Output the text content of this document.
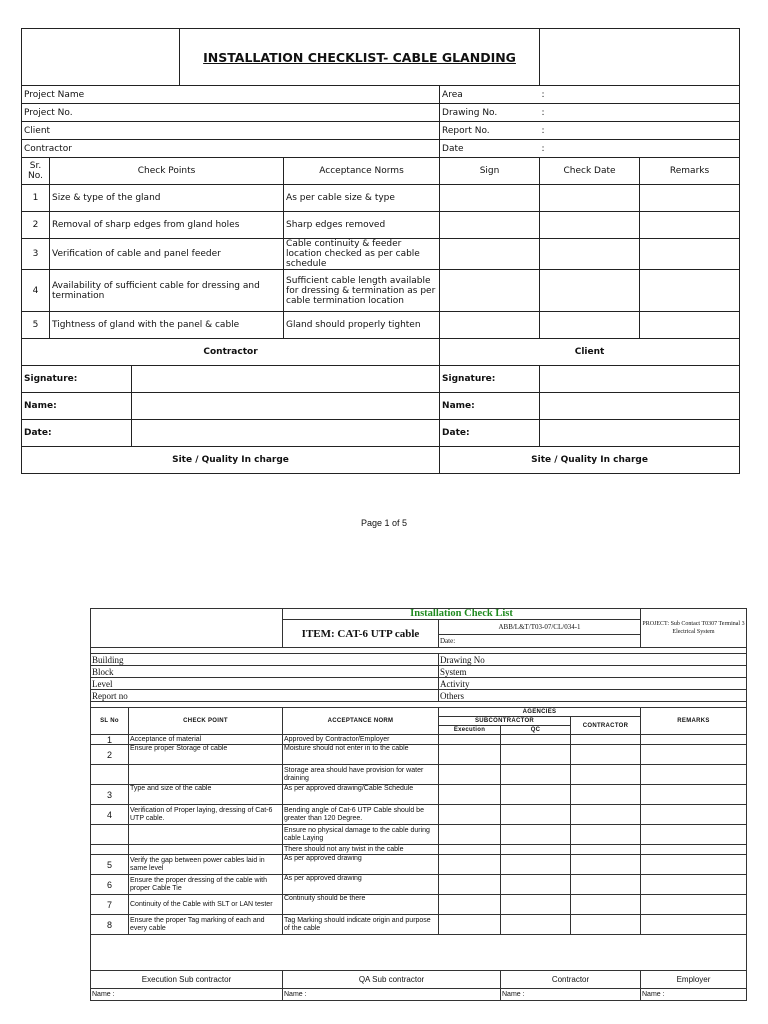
			INSTALLATION CHECKLIST- CABLE GLANDING				
Project Name					Area	:	
Project No.					Drawing No.	:	
Client					Report No.	:	
Contractor					Date	:	
Sr. No.	Check Points			Acceptance Norms	Sign	Check Date	Remarks
1	Size & type of the gland			As per cable size & type			
2	Removal of sharp edges from gland holes			Sharp edges removed			
3	Verification of cable and panel feeder			Cable continuity & feeder location checked as per cable schedule			
4	Availability of sufficient cable for dressing and termination			Sufficient cable length available for dressing & termination as per cable termination location			
5	Tightness of gland with the panel & cable			Gland should properly tighten			
Contractor					Client		
Signature:					Signature:		
Name:					Name:		
Date:					Date:		
Site / Quality In charge					Site / Quality In charge		
Page 1 of 5
		Installation Check List				PROJECT: Sub Contact T0307 Terminal 3 Electrical System
		ITEM: CAT-6 UTP cable	ABB/L&T/T03-07/CL/034-1			
			Date:			

Building			Drawing No			
Block			System			
Level			Activity			
Report no			Others			

SL No	CHECK POINT	ACCEPTANCE NORM	AGENCIES			REMARKS
			SUBCONTRACTOR		CONTRACTOR	
			Execution	QC		
1	Acceptance of material	Approved by Contractor/Employer				
2	Ensure proper Storage of cable	Moisture should not enter in to the cable				
		Storage area should have provision for water draining				
3	Type and size of the cable	As per approved drawing/Cable Schedule				
4	Verification of Proper laying, dressing of Cat-6 UTP cable.	Bending angle of Cat-6 UTP Cable should be greater than 120 Degree.				
		Ensure no physical damage to the cable during cable Laying				
		There should not any twist in the cable				
5	Verify the gap between power cables laid in same level	As per approved drawing				
6	Ensure the proper dressing of the cable with proper Cable Tie	As per approved drawing				
7	Continuity of the Cable with SLT or LAN tester	Continuity should be there				
8	Ensure the proper Tag marking of each and every cable	Tag Marking should indicate origin and purpose of the cable				

Execution Sub contractor		QA Sub contractor		Contractor		Employer
Name :		Name :		Name :		Name :
